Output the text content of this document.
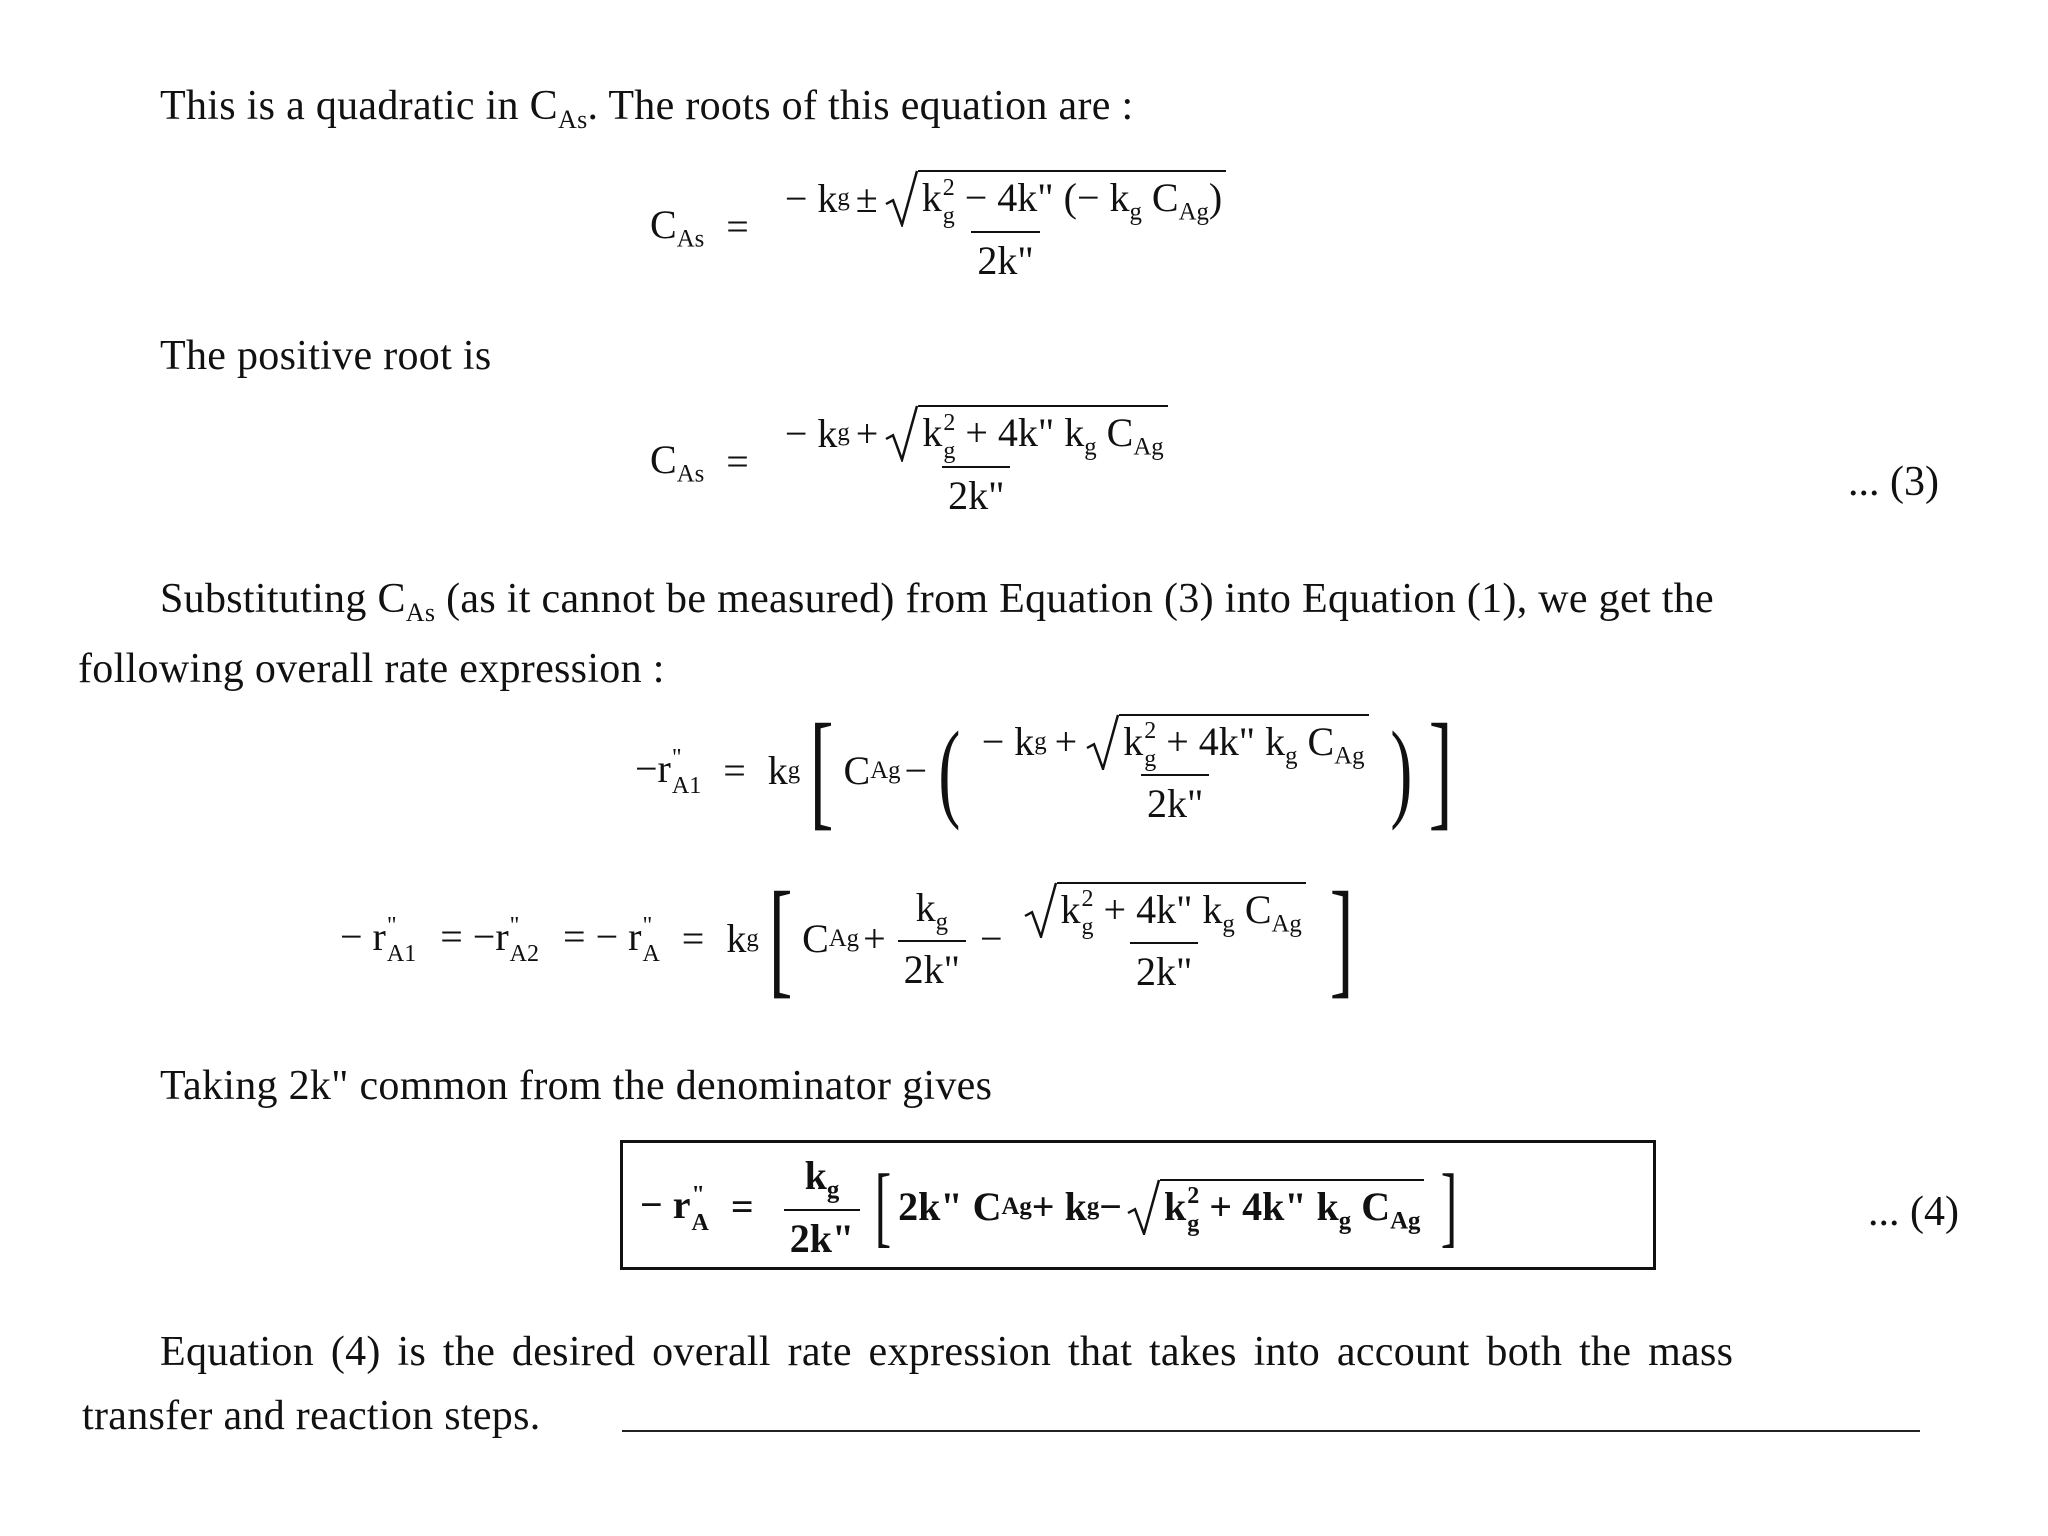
This is a quadratic in $C_{As}$. The roots of this equation are :

$C_{As}$ =
− k g ± k 2
g − 4k" (− $k_g$ $C_{Ag}$)
2k"

The positive root is

$C_{As}$ =
− k g + k 2
g + 4k" $k_g$ $C_{Ag}$
2k"	... (3)

Substituting $C_{As}$ (as it cannot be measured) from Equation (3) into Equation (1), we get the

following overall rate expression :

−r "
A1 = k g [ C Ag − ( − k g + k 2
g + 4k" $k_g$ $C_{Ag}$
2k" ) ]
− r "
A1 = −r "
A2 = − r "
A = k g [ C $Ag + \frac{k_g}{2k"} - k$ 2
g + 4k" $k_g$ $C_{Ag}$
2k" ]

Taking 2k" common from the denominator gives

− r "
$A = \frac{k_g}{2k"}$ [ 2k" C Ag + k g − k 2
g + 4k" $k_g$ $C_{Ag}$ ]	... (4)

Equation (4) is the desired overall rate expression that takes into account both the mass

transfer and reaction steps.
